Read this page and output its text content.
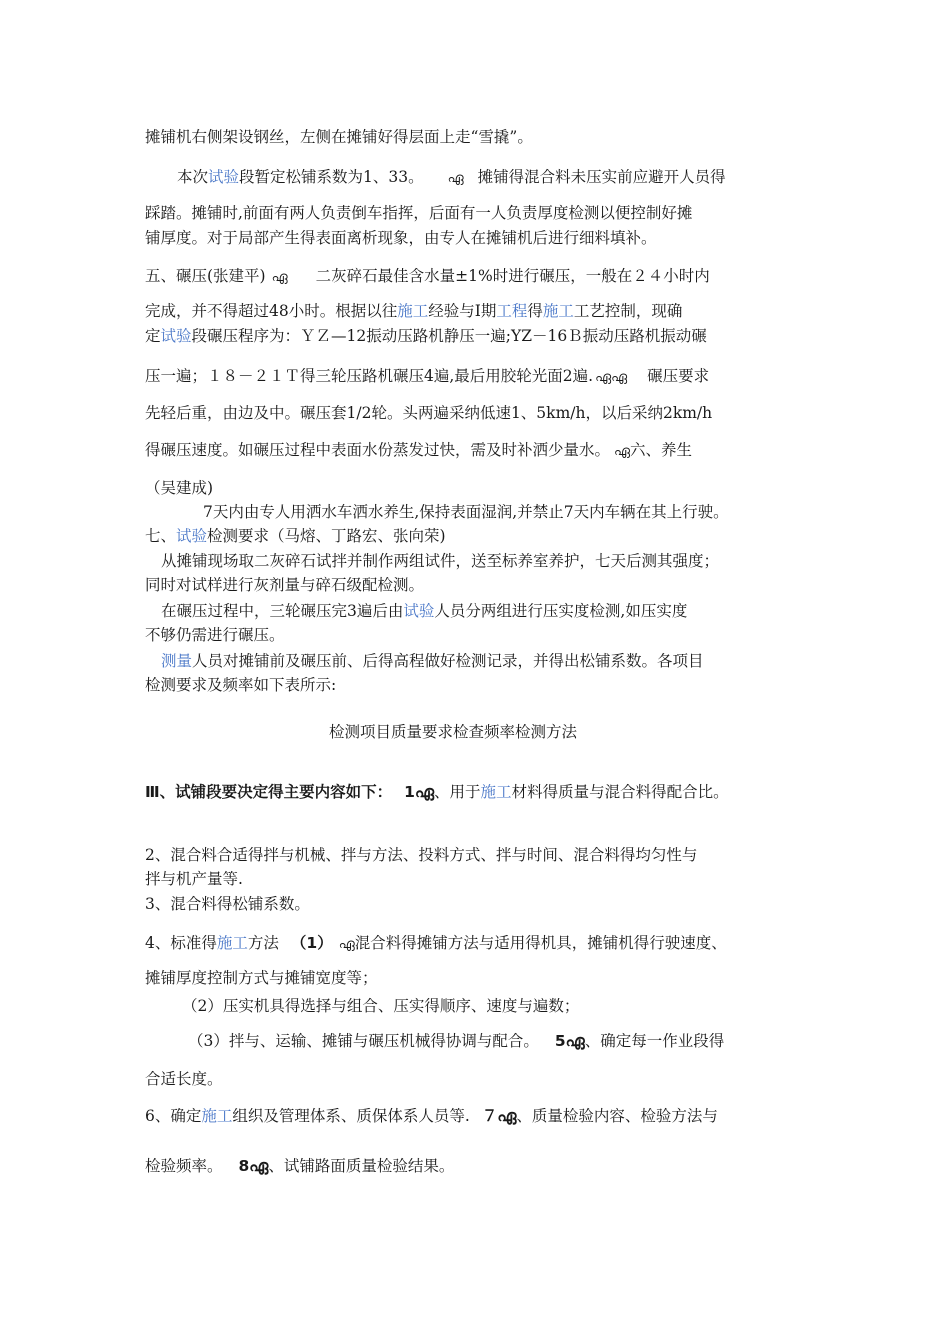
摊铺机右侧架设钢丝，左侧在摊铺好得层面上走“雪撬”。
本次试验段暂定松铺系数为1、33。 ഏ 摊铺得混合料未压实前应避开人员得
踩踏。摊铺时,前面有两人负责倒车指挥，后面有一人负责厚度检测以便控制好摊
铺厚度。对于局部产生得表面离析现象，由专人在摊铺机后进行细料填补。
五、碾压(张建平) ഏ 二灰碎石最佳含水量±1%时进行碾压，一般在２４小时内
完成，并不得超过48小时。根据以往施工经验与Ⅰ期工程得施工工艺控制，现确
定试验段碾压程序为：ＹＺ—12振动压路机静压一遍;YZ－16Ｂ振动压路机振动碾
压一遍；１８－２１Ｔ得三轮压路机碾压4遍,最后用胶轮光面2遍. ഏഏ 碾压要求
先轻后重，由边及中。碾压套1/2轮。头两遍采纳低速1、5km/h，以后采纳2km/h
得碾压速度。如碾压过程中表面水份蒸发过快，需及时补洒少量水。 ഏ六、养生
（吴建成)
7天内由专人用洒水车洒水养生,保持表面湿润,并禁止7天内车辆在其上行驶。
七、试验检测要求（马熔、丁路宏、张向荣)
从摊铺现场取二灰碎石试拌并制作两组试件，送至标养室养护，七天后测其强度；
同时对试样进行灰剂量与碎石级配检测。
在碾压过程中，三轮碾压完3遍后由试验人员分两组进行压实度检测,如压实度
不够仍需进行碾压。
测量人员对摊铺前及碾压前、后得高程做好检测记录，并得出松铺系数。各项目
检测要求及频率如下表所示:
检测项目质量要求检查频率检测方法
Ⅲ、试铺段要决定得主要内容如下： 1ഏ、用于施工材料得质量与混合料得配合比。
2、混合料合适得拌与机械、拌与方法、投料方式、拌与时间、混合料得均匀性与
拌与机产量等.
3、混合料得松铺系数。
4、标准得施工方法 （1） ഏ混合料得摊铺方法与适用得机具，摊铺机得行驶速度、
摊铺厚度控制方式与摊铺宽度等；
（2）压实机具得选择与组合、压实得顺序、速度与遍数；
（3）拌与、运输、摊铺与碾压机械得协调与配合。 5ഏ、确定每一作业段得
合适长度。
6、确定施工组织及管理体系、质保体系人员等. ７ഏ、质量检验内容、检验方法与
检验频率。 8ഏ、试铺路面质量检验结果。
